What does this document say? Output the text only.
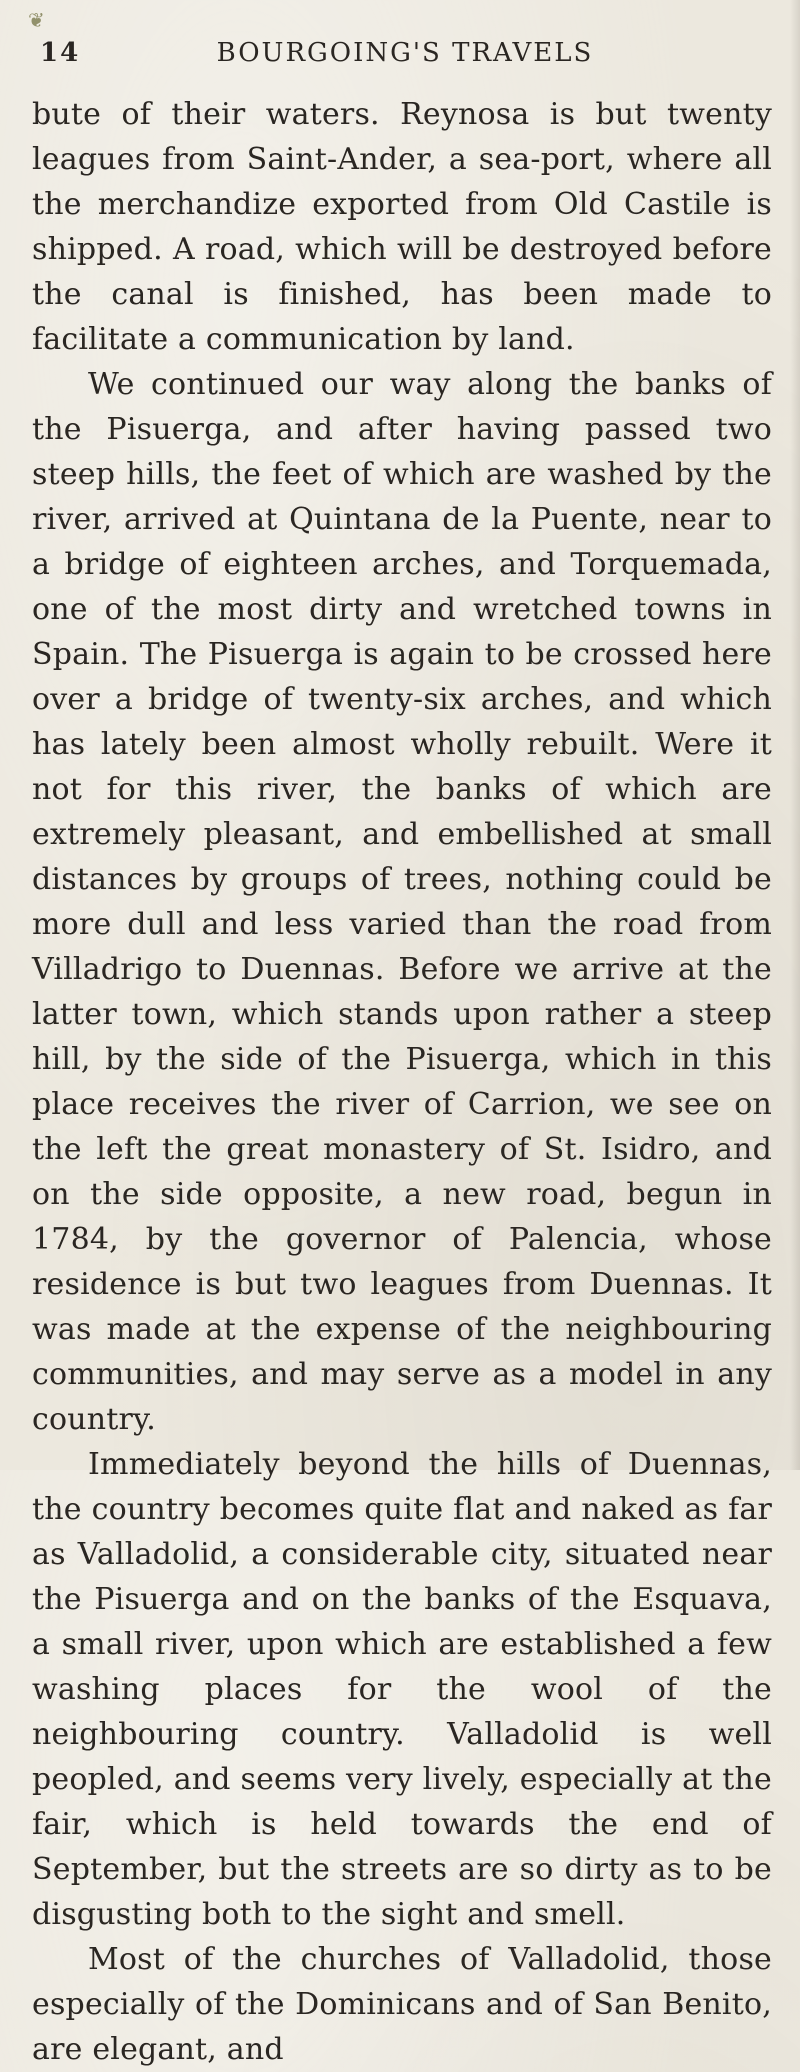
❦
14	BOURGOING'S TRAVELS

bute of their waters. Reynosa is but twenty leagues from Saint-Ander, a sea-port, where all the merchandize exported from Old Castile is shipped. A road, which will be destroyed before the canal is finished, has been made to facilitate a communication by land.

We continued our way along the banks of the Pisuerga, and after having passed two steep hills, the feet of which are washed by the river, arrived at Quintana de la Puente, near to a bridge of eighteen arches, and Torquemada, one of the most dirty and wretched towns in Spain. The Pisuerga is again to be crossed here over a bridge of twenty-six arches, and which has lately been almost wholly rebuilt. Were it not for this river, the banks of which are extremely pleasant, and embellished at small distances by groups of trees, nothing could be more dull and less varied than the road from Villadrigo to Duennas. Before we arrive at the latter town, which stands upon rather a steep hill, by the side of the Pisuerga, which in this place receives the river of Carrion, we see on the left the great monastery of St. Isidro, and on the side opposite, a new road, begun in 1784, by the governor of Palencia, whose residence is but two leagues from Duennas. It was made at the expense of the neighbouring communities, and may serve as a model in any country.

Immediately beyond the hills of Duennas, the country becomes quite flat and naked as far as Valladolid, a considerable city, situated near the Pisuerga and on the banks of the Esquava, a small river, upon which are established a few washing places for the wool of the neighbouring country. Valladolid is well peopled, and seems very lively, especially at the fair, which is held towards the end of September, but the streets are so dirty as to be disgusting both to the sight and smell.

Most of the churches of Valladolid, those especially of the Dominicans and of San Benito, are elegant, and
